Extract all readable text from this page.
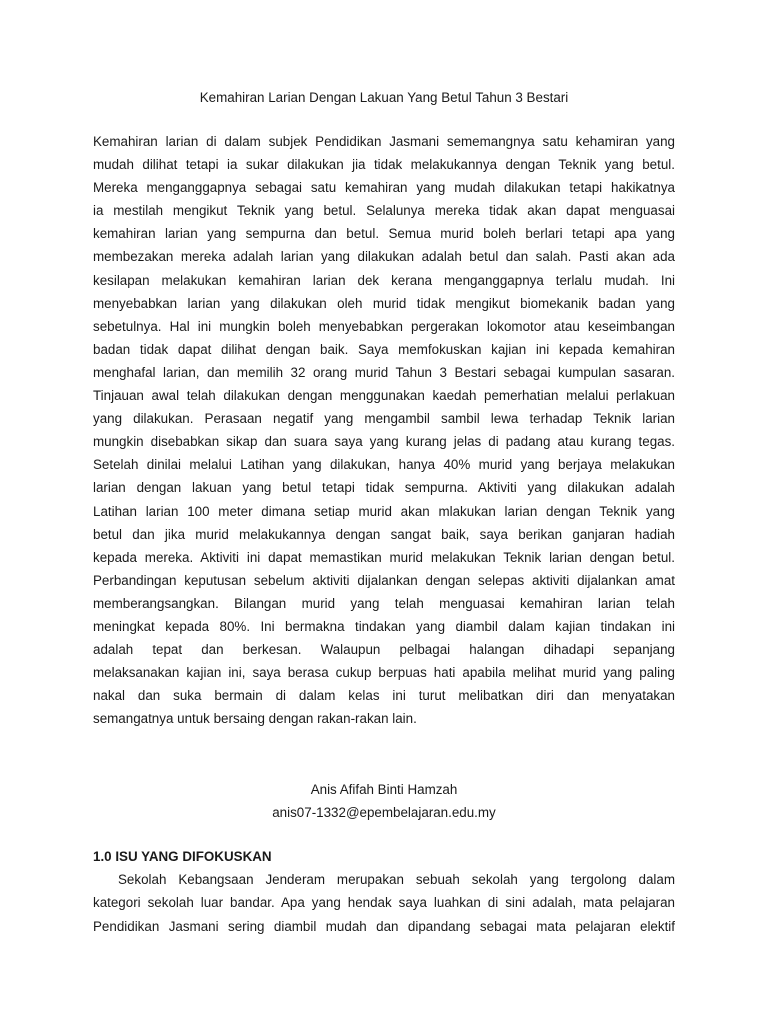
Kemahiran Larian Dengan Lakuan Yang Betul Tahun 3 Bestari
Kemahiran larian di dalam subjek Pendidikan Jasmani sememangnya satu kehamiran yang
mudah dilihat tetapi ia sukar dilakukan jia tidak melakukannya dengan Teknik yang betul.
Mereka menganggapnya sebagai satu kemahiran yang mudah dilakukan tetapi hakikatnya
ia mestilah mengikut Teknik yang betul. Selalunya mereka tidak akan dapat menguasai
kemahiran larian yang sempurna dan betul. Semua murid boleh berlari tetapi apa yang
membezakan mereka adalah larian yang dilakukan adalah betul dan salah. Pasti akan ada
kesilapan melakukan kemahiran larian dek kerana menganggapnya terlalu mudah. Ini
menyebabkan larian yang dilakukan oleh murid tidak mengikut biomekanik badan yang
sebetulnya. Hal ini mungkin boleh menyebabkan pergerakan lokomotor atau keseimbangan
badan tidak dapat dilihat dengan baik. Saya memfokuskan kajian ini kepada kemahiran
menghafal larian, dan memilih 32 orang murid Tahun 3 Bestari sebagai kumpulan sasaran.
Tinjauan awal telah dilakukan dengan menggunakan kaedah pemerhatian melalui perlakuan
yang dilakukan. Perasaan negatif yang mengambil sambil lewa terhadap Teknik larian
mungkin disebabkan sikap dan suara saya yang kurang jelas di padang atau kurang tegas.
Setelah dinilai melalui Latihan yang dilakukan, hanya 40% murid yang berjaya melakukan
larian dengan lakuan yang betul tetapi tidak sempurna. Aktiviti yang dilakukan adalah
Latihan larian 100 meter dimana setiap murid akan mlakukan larian dengan Teknik yang
betul dan jika murid melakukannya dengan sangat baik, saya berikan ganjaran hadiah
kepada mereka. Aktiviti ini dapat memastikan murid melakukan Teknik larian dengan betul.
Perbandingan keputusan sebelum aktiviti dijalankan dengan selepas aktiviti dijalankan amat
memberangsangkan. Bilangan murid yang telah menguasai kemahiran larian telah
meningkat kepada 80%. Ini bermakna tindakan yang diambil dalam kajian tindakan ini
adalah tepat dan berkesan. Walaupun pelbagai halangan dihadapi sepanjang
melaksanakan kajian ini, saya berasa cukup berpuas hati apabila melihat murid yang paling
nakal dan suka bermain di dalam kelas ini turut melibatkan diri dan menyatakan
semangatnya untuk bersaing dengan rakan-rakan lain.
Anis Afifah Binti Hamzah
anis07-1332@epembelajaran.edu.my
1.0 ISU YANG DIFOKUSKAN
Sekolah Kebangsaan Jenderam merupakan sebuah sekolah yang tergolong dalam
kategori sekolah luar bandar. Apa yang hendak saya luahkan di sini adalah, mata pelajaran
Pendidikan Jasmani sering diambil mudah dan dipandang sebagai mata pelajaran elektif
